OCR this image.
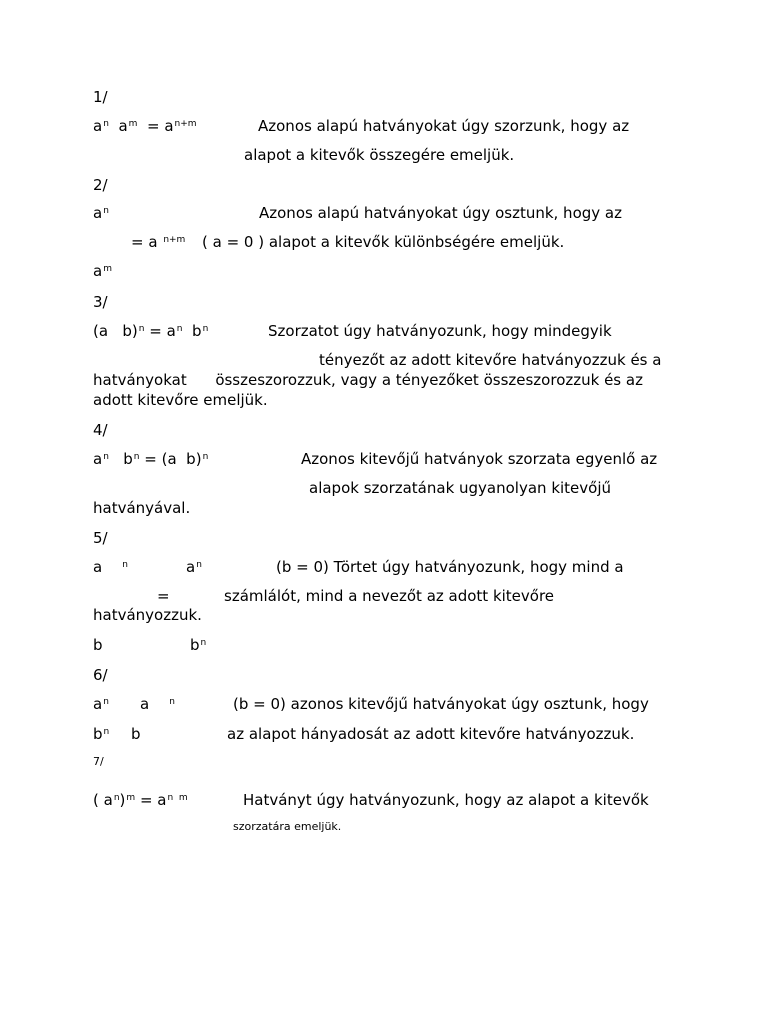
1/
$a^n$ $a^m = a^{n+m}$	Azonos alapú hatványokat úgy szorzunk, hogy az
alapot a kitevők összegére emeljük.
2/
$a^n$	Azonos alapú hatványokat úgy osztunk, hogy az
= a $^{n+m}$ ( a = 0 ) alapot a kitevők különbségére emeljük.
$a^m$
3/
(a   $b)^n = a^n$ $b^n$	Szorzatot úgy hatványozunk, hogy mindegyik
tényezőt az adott kitevőre hatványozzuk és a
hatványokat      összeszorozzuk, vagy a tényezőket összeszorozzuk és az
adott kitevőre emeljük.
4/
$a^n$ $b^n = (a$  b)$^n$	Azonos kitevőjű hatványok szorzata egyenlő az
alapok szorzatának ugyanolyan kitevőjű
hatványával.
5/
a $^n$	$a^n$	(b = 0) Törtet úgy hatványozunk, hogy mind a
=	számlálót, mind a nevezőt az adott kitevőre
hatványozzuk.
b	$b^n$
6/
$a^n$ a $^n$	(b = 0) azonos kitevőjű hatványokat úgy osztunk, hogy
$b^n$ b	az alapot hányadosát az adott kitevőre hatványozzuk.
7/
( $a^n)^m = a^{n m}$	Hatványt úgy hatványozunk, hogy az alapot a kitevők
szorzatára emeljük.
